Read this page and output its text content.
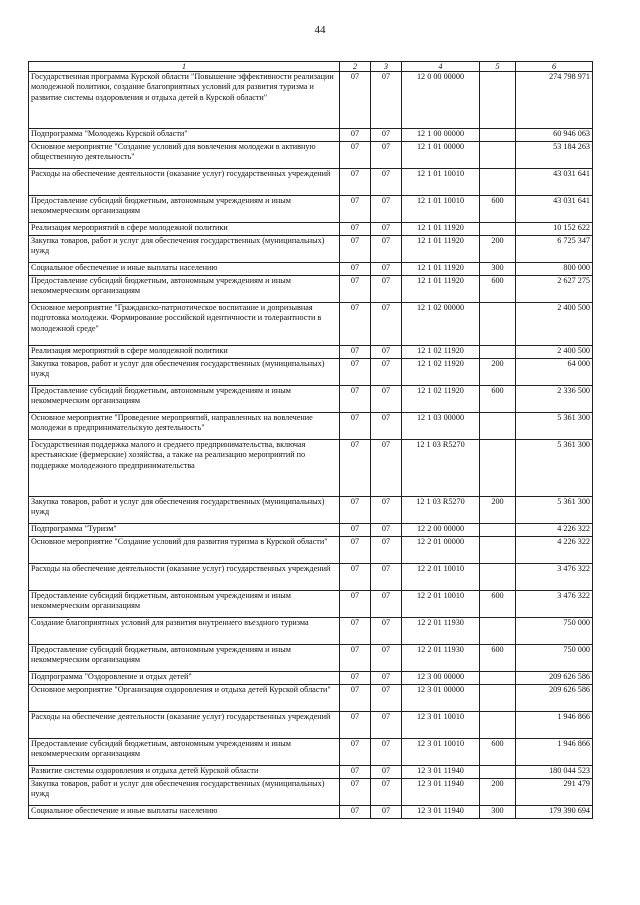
44
1	2	3	4	5	6
Государственная программа Курской области "Повышение эффективности реализации молодежной политики, создание благоприятных условий для развития туризма и развитие системы оздоровления и отдыха детей в Курской области"	07	07	12 0 00 00000		274 798 971
Подпрограмма "Молодежь Курской области"	07	07	12 1 00 00000		60 946 063
Основное мероприятие "Создание условий для вовлечения молодежи в активную общественную деятельность"	07	07	12 1 01 00000		53 184 263
Расходы на обеспечение деятельности (оказание услуг) государственных учреждений	07	07	12 1 01 10010		43 031 641
Предоставление субсидий бюджетным, автономным учреждениям и иным некоммерческим организациям	07	07	12 1 01 10010	600	43 031 641
Реализация мероприятий в сфере молодежной политики	07	07	12 1 01 11920		10 152 622
Закупка товаров, работ и услуг для обеспечения государственных (муниципальных) нужд	07	07	12 1 01 11920	200	6 725 347
Социальное обеспечение и иные выплаты населению	07	07	12 1 01 11920	300	800 000
Предоставление субсидий бюджетным, автономным учреждениям и иным некоммерческим организациям	07	07	12 1 01 11920	600	2 627 275
Основное мероприятие "Гражданско-патриотическое воспитание и допризывная подготовка молодежи. Формирование российской идентичности и толерантности в молодежной среде"	07	07	12 1 02 00000		2 400 500
Реализация мероприятий в сфере молодежной политики	07	07	12 1 02 11920		2 400 500
Закупка товаров, работ и услуг для обеспечения государственных (муниципальных) нужд	07	07	12 1 02 11920	200	64 000
Предоставление субсидий бюджетным, автономным учреждениям и иным некоммерческим организациям	07	07	12 1 02 11920	600	2 336 500
Основное мероприятие "Проведение мероприятий, направленных на вовлечение молодежи в предпринимательскую деятельность"	07	07	12 1 03 00000		5 361 300
Государственная поддержка малого и среднего предпринимательства, включая крестьянские (фермерские) хозяйства, а также на реализацию мероприятий по поддержке молодежного предпринимательства	07	07	12 1 03 R5270		5 361 300
Закупка товаров, работ и услуг для обеспечения государственных (муниципальных) нужд	07	07	12 1 03 R5270	200	5 361 300
Подпрограмма "Туризм"	07	07	12 2 00 00000		4 226 322
Основное мероприятие "Создание условий для развития туризма в Курской области"	07	07	12 2 01 00000		4 226 322
Расходы на обеспечение деятельности (оказание услуг) государственных учреждений	07	07	12 2 01 10010		3 476 322
Предоставление субсидий бюджетным, автономным учреждениям и иным некоммерческим организациям	07	07	12 2 01 10010	600	3 476 322
Создание благоприятных условий для развития внутреннего въездного туризма	07	07	12 2 01 11930		750 000
Предоставление субсидий бюджетным, автономным учреждениям и иным некоммерческим организациям	07	07	12 2 01 11930	600	750 000
Подпрограмма "Оздоровление и отдых детей"	07	07	12 3 00 00000		209 626 586
Основное мероприятие "Организация оздоровления и отдыха детей Курской области"	07	07	12 3 01 00000		209 626 586
Расходы на обеспечение деятельности (оказание услуг) государственных учреждений	07	07	12 3 01 10010		1 946 866
Предоставление субсидий бюджетным, автономным учреждениям и иным некоммерческим организациям	07	07	12 3 01 10010	600	1 946 866
Развитие системы оздоровления и отдыха детей Курской области	07	07	12 3 01 11940		180 044 523
Закупка товаров, работ и услуг для обеспечения государственных (муниципальных) нужд	07	07	12 3 01 11940	200	291 479
Социальное обеспечение и иные выплаты населению	07	07	12 3 01 11940	300	179 390 694
